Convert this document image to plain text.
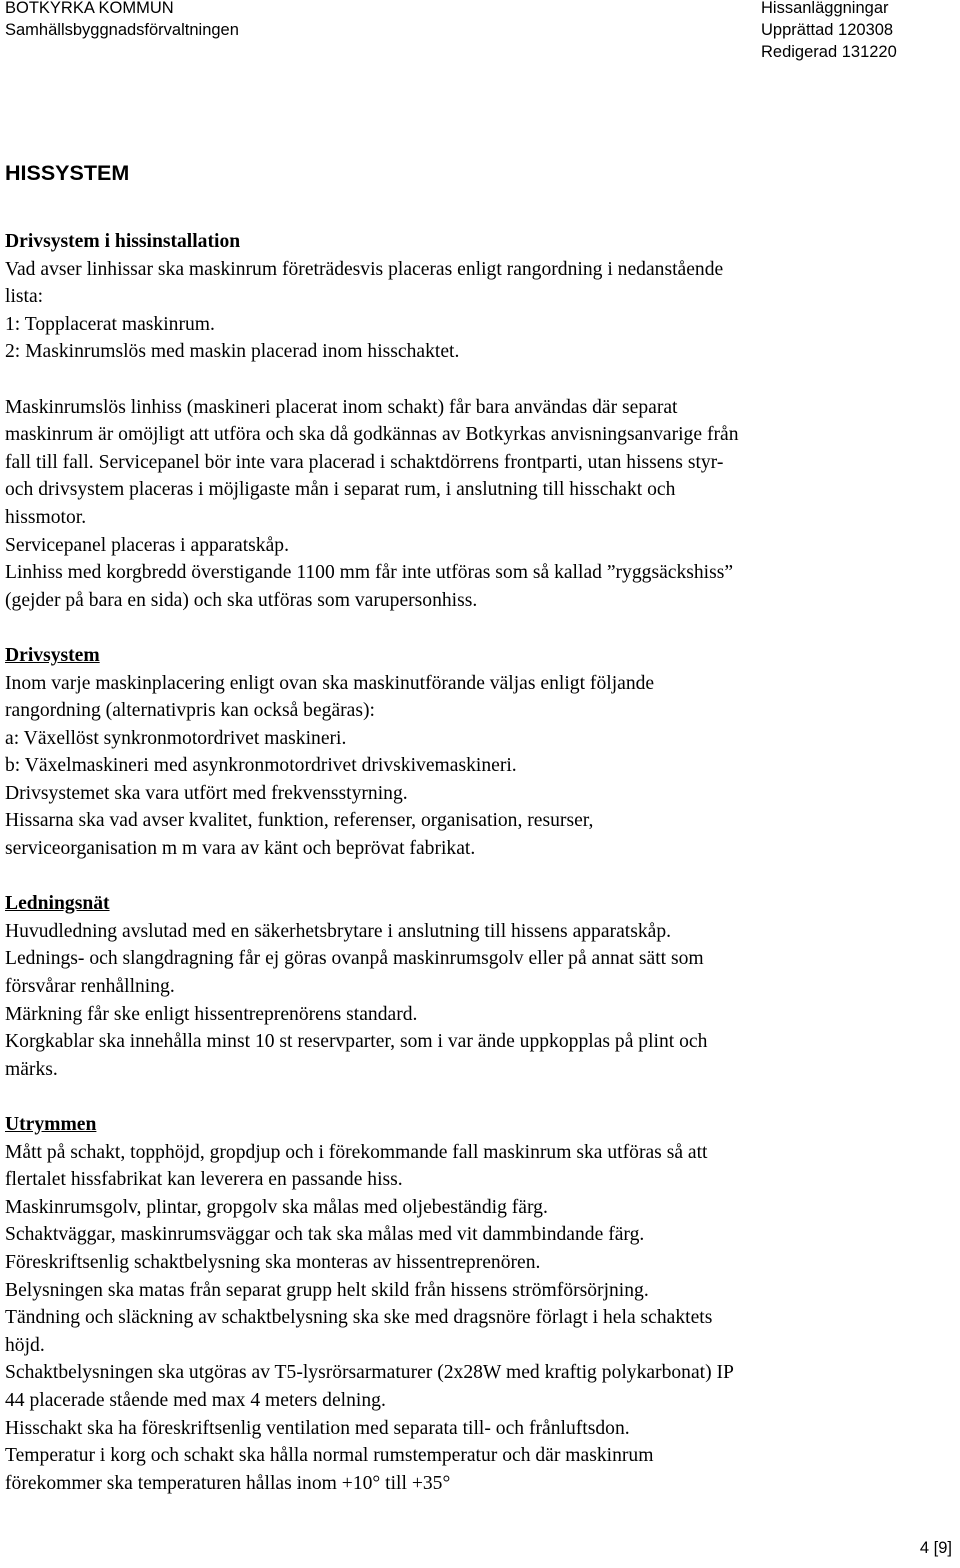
BOTKYRKA KOMMUN
Samhällsbyggnadsförvaltningen
Hissanläggningar
Upprättad 120308
Redigerad 131220
HISSYSTEM
Drivsystem i hissinstallation
Vad avser linhissar ska maskinrum företrädesvis placeras enligt rangordning i nedanstående
lista:
1: Topplacerat maskinrum.
2: Maskinrumslös med maskin placerad inom hisschaktet.
Maskinrumslös linhiss (maskineri placerat inom schakt) får bara användas där separat
maskinrum är omöjligt att utföra och ska då godkännas av Botkyrkas anvisningsanvarige från
fall till fall. Servicepanel bör inte vara placerad i schaktdörrens frontparti, utan hissens styr-
och drivsystem placeras i möjligaste mån i separat rum, i anslutning till hisschakt och
hissmotor.
Servicepanel placeras i apparatskåp.
Linhiss med korgbredd överstigande 1100 mm får inte utföras som så kallad ”ryggsäckshiss”
(gejder på bara en sida) och ska utföras som varupersonhiss.
Drivsystem
Inom varje maskinplacering enligt ovan ska maskinutförande väljas enligt följande
rangordning (alternativpris kan också begäras):
a: Växellöst synkronmotordrivet maskineri.
b: Växelmaskineri med asynkronmotordrivet drivskivemaskineri.
Drivsystemet ska vara utfört med frekvensstyrning.
Hissarna ska vad avser kvalitet, funktion, referenser, organisation, resurser,
serviceorganisation m m vara av känt och beprövat fabrikat.
Ledningsnät
Huvudledning avslutad med en säkerhetsbrytare i anslutning till hissens apparatskåp.
Lednings- och slangdragning får ej göras ovanpå maskinrumsgolv eller på annat sätt som
försvårar renhållning.
Märkning får ske enligt hissentreprenörens standard.
Korgkablar ska innehålla minst 10 st reservparter, som i var ände uppkopplas på plint och
märks.
Utrymmen
Mått på schakt, topphöjd, gropdjup och i förekommande fall maskinrum ska utföras så att
flertalet hissfabrikat kan leverera en passande hiss.
Maskinrumsgolv, plintar, gropgolv ska målas med oljebeständig färg.
Schaktväggar, maskinrumsväggar och tak ska målas med vit dammbindande färg.
Föreskriftsenlig schaktbelysning ska monteras av hissentreprenören.
Belysningen ska matas från separat grupp helt skild från hissens strömförsörjning.
Tändning och släckning av schaktbelysning ska ske med dragsnöre förlagt i hela schaktets
höjd.
Schaktbelysningen ska utgöras av T5-lysrörsarmaturer (2x28W med kraftig polykarbonat) IP
44 placerade stående med max 4 meters delning.
Hisschakt ska ha föreskriftsenlig ventilation med separata till- och frånluftsdon.
Temperatur i korg och schakt ska hålla normal rumstemperatur och där maskinrum
förekommer ska temperaturen hållas inom +10° till +35°
4 [9]
